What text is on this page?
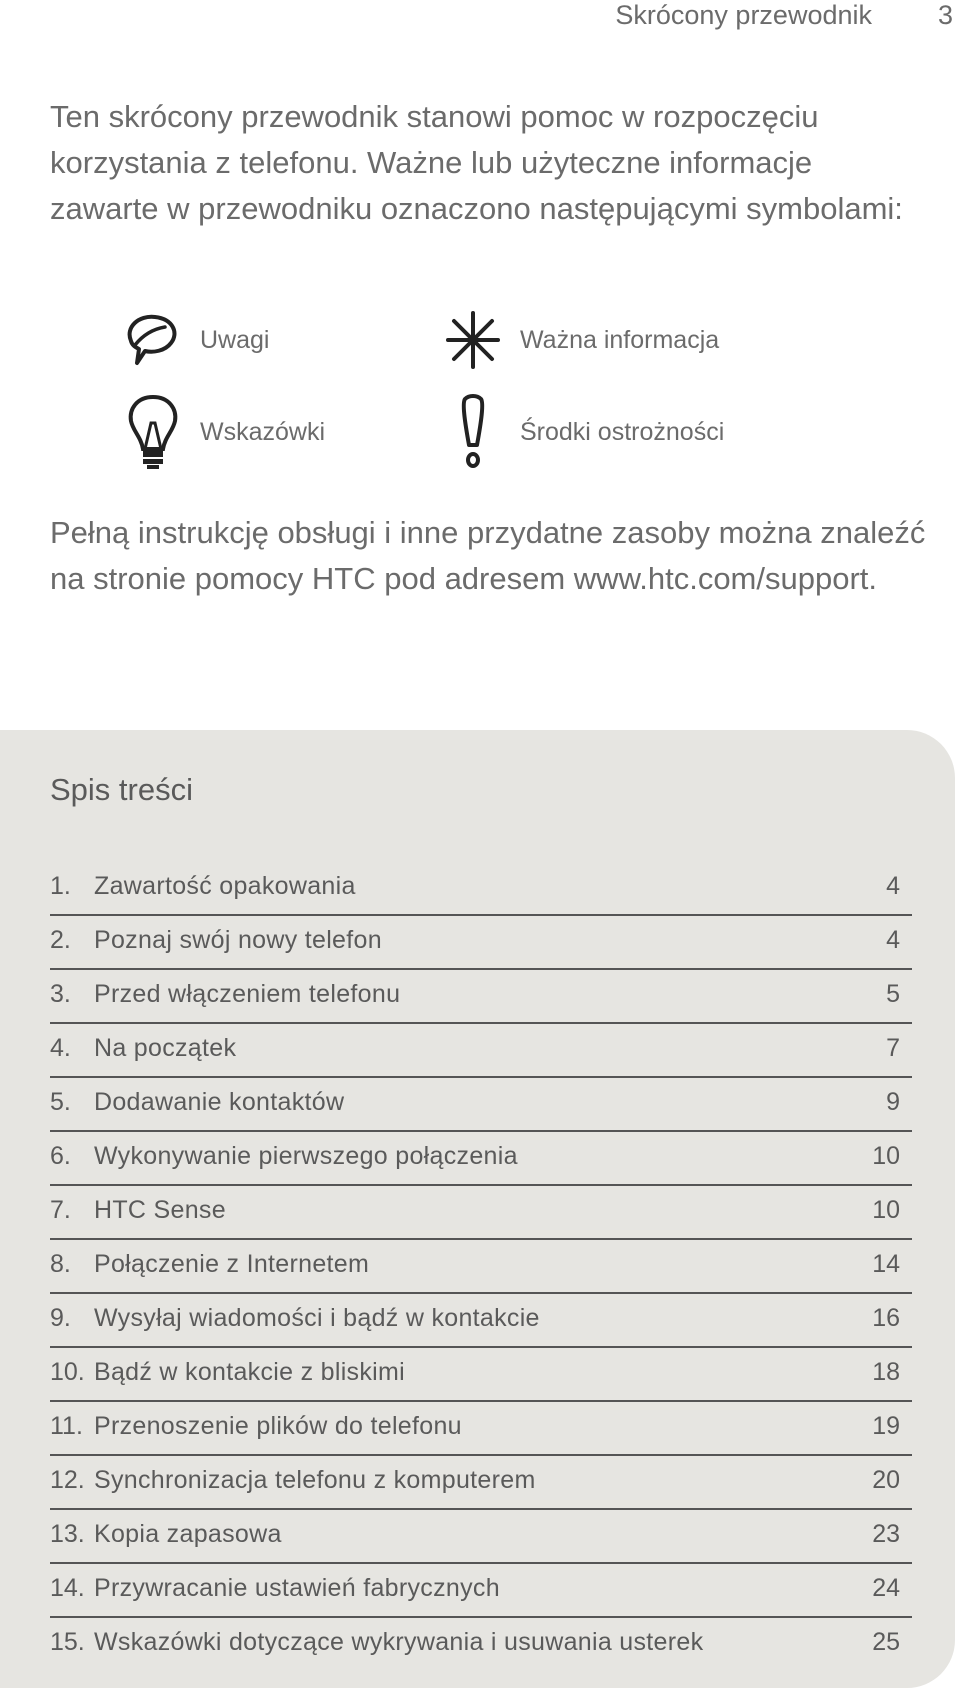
Skrócony przewodnik 3

Ten skrócony przewodnik stanowi pomoc w rozpoczęciu korzystania z telefonu. Ważne lub użyteczne informacje zawarte w przewodniku oznaczono następującymi symbolami:

Uwagi	Ważna informacja
Wskazówki	Środki ostrożności

Pełną instrukcję obsługi i inne przydatne zasoby można znaleźć na stronie pomocy HTC pod adresem www.htc.com/support.

Spis treści
1. Zawartość opakowania	4
2. Poznaj swój nowy telefon	4
3. Przed włączeniem telefonu	5
4. Na początek	7
5. Dodawanie kontaktów	9
6. Wykonywanie pierwszego połączenia	10
7. HTC Sense	10
8. Połączenie z Internetem	14
9. Wysyłaj wiadomości i bądź w kontakcie	16
10. Bądź w kontakcie z bliskimi	18
11. Przenoszenie plików do telefonu	19
12. Synchronizacja telefonu z komputerem	20
13. Kopia zapasowa	23
14. Przywracanie ustawień fabrycznych	24
15. Wskazówki dotyczące wykrywania i usuwania usterek	25
